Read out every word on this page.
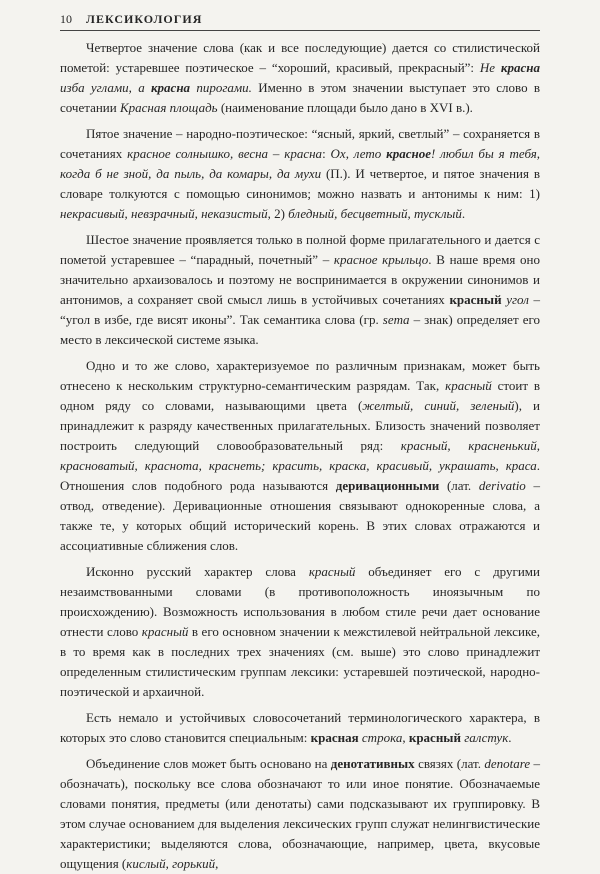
10 ЛЕКСИКОЛОГИЯ

Четвертое значение слова (как и все последующие) дается со стилистической пометой: устаревшее поэтическое – “хороший, красивый, прекрасный”: Не красна изба углами, а красна пирогами. Именно в этом значении выступает это слово в сочетании Красная площадь (наименование площади было дано в XVI в.).

Пятое значение – народно-поэтическое: “ясный, яркий, светлый” – сохраняется в сочетаниях красное солнышко, весна – красна: Ох, лето красное! любил бы я тебя, когда б не зной, да пыль, да комары, да мухи (П.). И четвертое, и пятое значения в словаре толкуются с помощью синонимов; можно назвать и антонимы к ним: 1) некрасивый, невзрачный, неказистый, 2) бледный, бесцветный, тусклый.

Шестое значение проявляется только в полной форме прилагательного и дается с пометой устаревшее – “парадный, почетный” – красное крыльцо. В наше время оно значительно архаизовалось и поэтому не воспринимается в окружении синонимов и антонимов, а сохраняет свой смысл лишь в устойчивых сочетаниях красный угол – “угол в избе, где висят иконы”. Так семантика слова (гр. sema – знак) определяет его место в лексической системе языка.

Одно и то же слово, характеризуемое по различным признакам, может быть отнесено к нескольким структурно-семантическим разрядам. Так, красный стоит в одном ряду со словами, называющими цвета (желтый, синий, зеленый), и принадлежит к разряду качественных прилагательных. Близость значений позволяет построить следующий словообразовательный ряд: красный, красненький, красноватый, краснота, краснеть; красить, краска, красивый, украшать, краса. Отношения слов подобного рода называются деривационными (лат. derivatio – отвод, отведение). Деривационные отношения связывают однокоренные слова, а также те, у которых общий исторический корень. В этих словах отражаются и ассоциативные сближения слов.

Исконно русский характер слова красный объединяет его с другими незаимствованными словами (в противоположность иноязычным по происхождению). Возможность использования в любом стиле речи дает основание отнести слово красный в его основном значении к межстилевой нейтральной лексике, в то время как в последних трех значениях (см. выше) это слово принадлежит определенным стилистическим группам лексики: устаревшей поэтической, народно-поэтической и архаичной.

Есть немало и устойчивых словосочетаний терминологического характера, в которых это слово становится специальным: красная строка, красный галстук.

Объединение слов может быть основано на денотативных связях (лат. denotare – обозначать), поскольку все слова обозначают то или иное понятие. Обозначаемые словами понятия, предметы (или денотаты) сами подсказывают их группировку. В этом случае основанием для выделения лексических групп служат нелингвистические характеристики; выделяются слова, обозначающие, например, цвета, вкусовые ощущения (кислый, горький,
